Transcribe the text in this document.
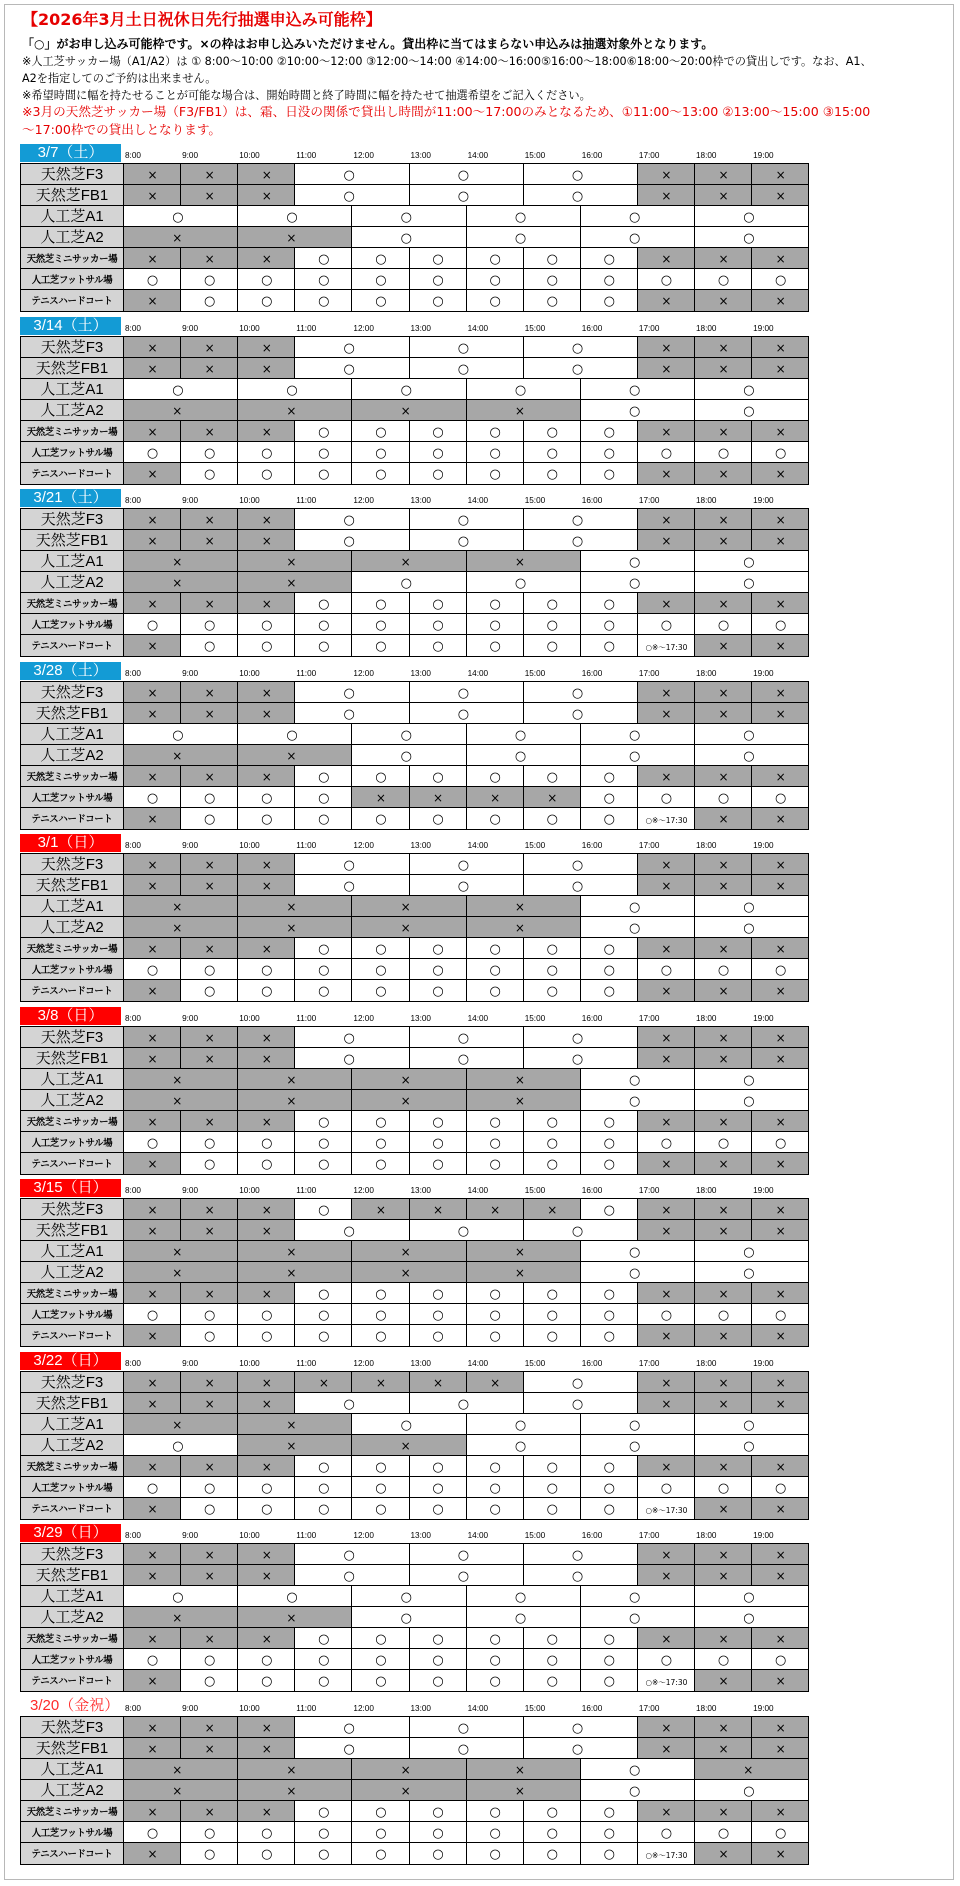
【2026年3月土日祝休日先行抽選申込み可能枠】
「○」がお申し込み可能枠です。×の枠はお申し込みいただけません。貸出枠に当てはまらない申込みは抽選対象外となります。
※人工芝サッカー場（A1/A2）は ① 8:00〜10:00 ②10:00〜12:00 ③12:00〜14:00 ④14:00〜16:00⑤16:00〜18:00⑥18:00〜20:00枠での貸出しです。なお、A1、
A2を指定してのご予約は出来ません。
※希望時間に幅を持たせることが可能な場合は、開始時間と終了時間に幅を持たせて抽選希望をご記入ください。
※3月の天然芝サッカー場（F3/FB1）は、霜、日没の関係で貸出し時間が11:00〜17:00のみとなるため、①11:00〜13:00 ②13:00〜15:00 ③15:00
〜17:00枠での貸出しとなります。
3/7（土）	8:00	9:00	10:00	11:00	12:00	13:00	14:00	15:00	16:00	17:00	18:00	19:00
天然芝F3	×	×	×	○	○	○	×	×	×
天然芝FB1	×	×	×	○	○	○	×	×	×
人工芝A1	○	○	○	○	○	○
人工芝A2	×	×	○	○	○	○
天然芝ミニサッカー場	×	×	×	○	○	○	○	○	○	×	×	×
人工芝フットサル場	○	○	○	○	○	○	○	○	○	○	○	○
テニスハードコート	×	○	○	○	○	○	○	○	○	×	×	×
3/14（土）	8:00	9:00	10:00	11:00	12:00	13:00	14:00	15:00	16:00	17:00	18:00	19:00
天然芝F3	×	×	×	○	○	○	×	×	×
天然芝FB1	×	×	×	○	○	○	×	×	×
人工芝A1	○	○	○	○	○	○
人工芝A2	×	×	×	×	○	○
天然芝ミニサッカー場	×	×	×	○	○	○	○	○	○	×	×	×
人工芝フットサル場	○	○	○	○	○	○	○	○	○	○	○	○
テニスハードコート	×	○	○	○	○	○	○	○	○	×	×	×
3/21（土）	8:00	9:00	10:00	11:00	12:00	13:00	14:00	15:00	16:00	17:00	18:00	19:00
天然芝F3	×	×	×	○	○	○	×	×	×
天然芝FB1	×	×	×	○	○	○	×	×	×
人工芝A1	×	×	×	×	○	○
人工芝A2	×	×	○	○	○	○
天然芝ミニサッカー場	×	×	×	○	○	○	○	○	○	×	×	×
人工芝フットサル場	○	○	○	○	○	○	○	○	○	○	○	○
テニスハードコート	×	○	○	○	○	○	○	○	○	○※〜17:30	×	×
3/28（土）	8:00	9:00	10:00	11:00	12:00	13:00	14:00	15:00	16:00	17:00	18:00	19:00
天然芝F3	×	×	×	○	○	○	×	×	×
天然芝FB1	×	×	×	○	○	○	×	×	×
人工芝A1	○	○	○	○	○	○
人工芝A2	×	×	○	○	○	○
天然芝ミニサッカー場	×	×	×	○	○	○	○	○	○	×	×	×
人工芝フットサル場	○	○	○	○	×	×	×	×	○	○	○	○
テニスハードコート	×	○	○	○	○	○	○	○	○	○※〜17:30	×	×
3/1（日）	8:00	9:00	10:00	11:00	12:00	13:00	14:00	15:00	16:00	17:00	18:00	19:00
天然芝F3	×	×	×	○	○	○	×	×	×
天然芝FB1	×	×	×	○	○	○	×	×	×
人工芝A1	×	×	×	×	○	○
人工芝A2	×	×	×	×	○	○
天然芝ミニサッカー場	×	×	×	○	○	○	○	○	○	×	×	×
人工芝フットサル場	○	○	○	○	○	○	○	○	○	○	○	○
テニスハードコート	×	○	○	○	○	○	○	○	○	×	×	×
3/8（日）	8:00	9:00	10:00	11:00	12:00	13:00	14:00	15:00	16:00	17:00	18:00	19:00
天然芝F3	×	×	×	○	○	○	×	×	×
天然芝FB1	×	×	×	○	○	○	×	×	×
人工芝A1	×	×	×	×	○	○
人工芝A2	×	×	×	×	○	○
天然芝ミニサッカー場	×	×	×	○	○	○	○	○	○	×	×	×
人工芝フットサル場	○	○	○	○	○	○	○	○	○	○	○	○
テニスハードコート	×	○	○	○	○	○	○	○	○	×	×	×
3/15（日）	8:00	9:00	10:00	11:00	12:00	13:00	14:00	15:00	16:00	17:00	18:00	19:00
天然芝F3	×	×	×	○	×	×	×	×	○	×	×	×
天然芝FB1	×	×	×	○	○	○	×	×	×
人工芝A1	×	×	×	×	○	○
人工芝A2	×	×	×	×	○	○
天然芝ミニサッカー場	×	×	×	○	○	○	○	○	○	×	×	×
人工芝フットサル場	○	○	○	○	○	○	○	○	○	○	○	○
テニスハードコート	×	○	○	○	○	○	○	○	○	×	×	×
3/22（日）	8:00	9:00	10:00	11:00	12:00	13:00	14:00	15:00	16:00	17:00	18:00	19:00
天然芝F3	×	×	×	×	×	×	×	○	×	×	×
天然芝FB1	×	×	×	○	○	○	×	×	×
人工芝A1	×	×	○	○	○	○
人工芝A2	○	×	×	○	○	○
天然芝ミニサッカー場	×	×	×	○	○	○	○	○	○	×	×	×
人工芝フットサル場	○	○	○	○	○	○	○	○	○	○	○	○
テニスハードコート	×	○	○	○	○	○	○	○	○	○※〜17:30	×	×
3/29（日）	8:00	9:00	10:00	11:00	12:00	13:00	14:00	15:00	16:00	17:00	18:00	19:00
天然芝F3	×	×	×	○	○	○	×	×	×
天然芝FB1	×	×	×	○	○	○	×	×	×
人工芝A1	○	○	○	○	○	○
人工芝A2	×	×	○	○	○	○
天然芝ミニサッカー場	×	×	×	○	○	○	○	○	○	×	×	×
人工芝フットサル場	○	○	○	○	○	○	○	○	○	○	○	○
テニスハードコート	×	○	○	○	○	○	○	○	○	○※〜17:30	×	×
3/20（金祝） 8:00	9:00	10:00	11:00	12:00	13:00	14:00	15:00	16:00	17:00	18:00	19:00
天然芝F3	×	×	×	○	○	○	×	×	×
天然芝FB1	×	×	×	○	○	○	×	×	×
人工芝A1	×	×	×	×	○	×
人工芝A2	×	×	×	×	○	○
天然芝ミニサッカー場	×	×	×	○	○	○	○	○	○	×	×	×
人工芝フットサル場	○	○	○	○	○	○	○	○	○	○	○	○
テニスハードコート	×	○	○	○	○	○	○	○	○	○※〜17:30	×	×
